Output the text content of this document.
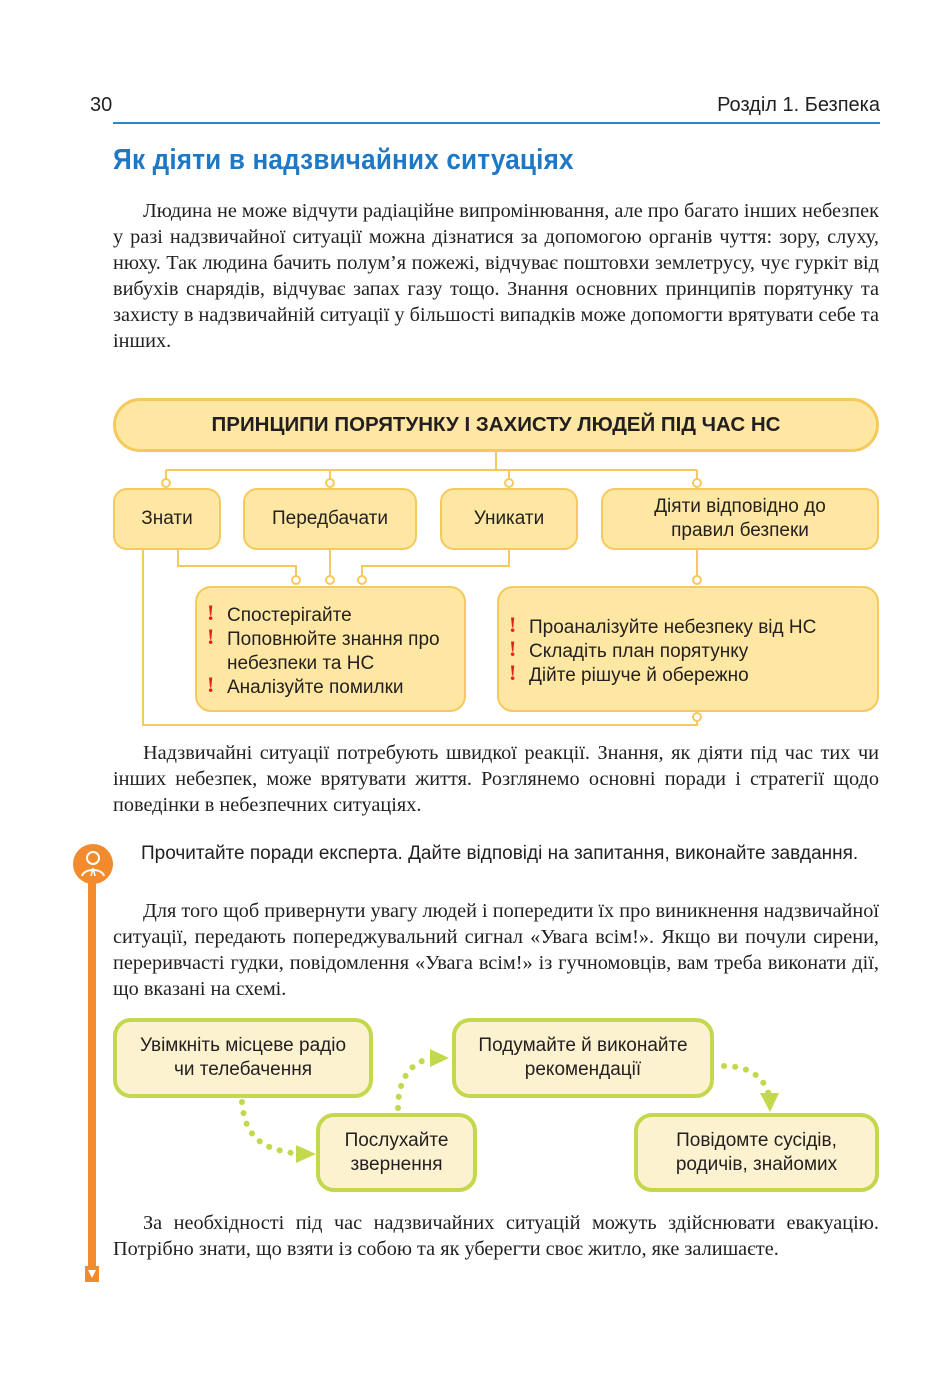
30	Розділ 1. Безпека
Як діяти в надзвичайних ситуаціях
Людина не може відчути радіаційне випромінювання, але про багато інших небезпек у разі надзвичайної ситуації можна дізнатися за допомогою органів чуття: зору, слуху, нюху. Так людина бачить полум’я пожежі, відчуває поштовхи землетрусу, чує гуркіт від вибухів снарядів, відчуває запах газу тощо. Знання основних принципів порятунку та захисту в надзвичайній ситуації у більшості випадків може допомогти врятувати себе та інших.
ПРИНЦИПИ ПОРЯТУНКУ І ЗАХИСТУ ЛЮДЕЙ ПІД ЧАС НС
Знати	Передбачати	Уникати
Діяти відповідно до правил безпеки
! Спостерігайте
! Поповнюйте знання про небезпеки та НС
! Аналізуйте помилки
! Проаналізуйте небезпеку від НС
! Складіть план порятунку
! Дійте рішуче й обережно
Надзвичайні ситуації потребують швидкої реакції. Знання, як діяти під час тих чи інших небезпек, може врятувати життя. Розглянемо основні поради і стратегії щодо поведінки в небезпечних ситуаціях.
Прочитайте поради експерта. Дайте відповіді на запитання, виконайте завдання.
Для того щоб привернути увагу людей і попередити їх про виникнення надзвичайної ситуації, передають попереджувальний сигнал «Увага всім!». Якщо ви почули сирени, переривчасті гудки, повідомлення «Увага всім!» із гучномовців, вам треба виконати дії, що вказані на схемі.
Увімкніть місцеве радіо чи телебачення
Послухайте звернення
Подумайте й виконайте рекомендації
Повідомте сусідів, родичів, знайомих
За необхідності під час надзвичайних ситуацій можуть здійснювати евакуацію. Потрібно знати, що взяти із собою та як уберегти своє житло, яке залишаєте.
